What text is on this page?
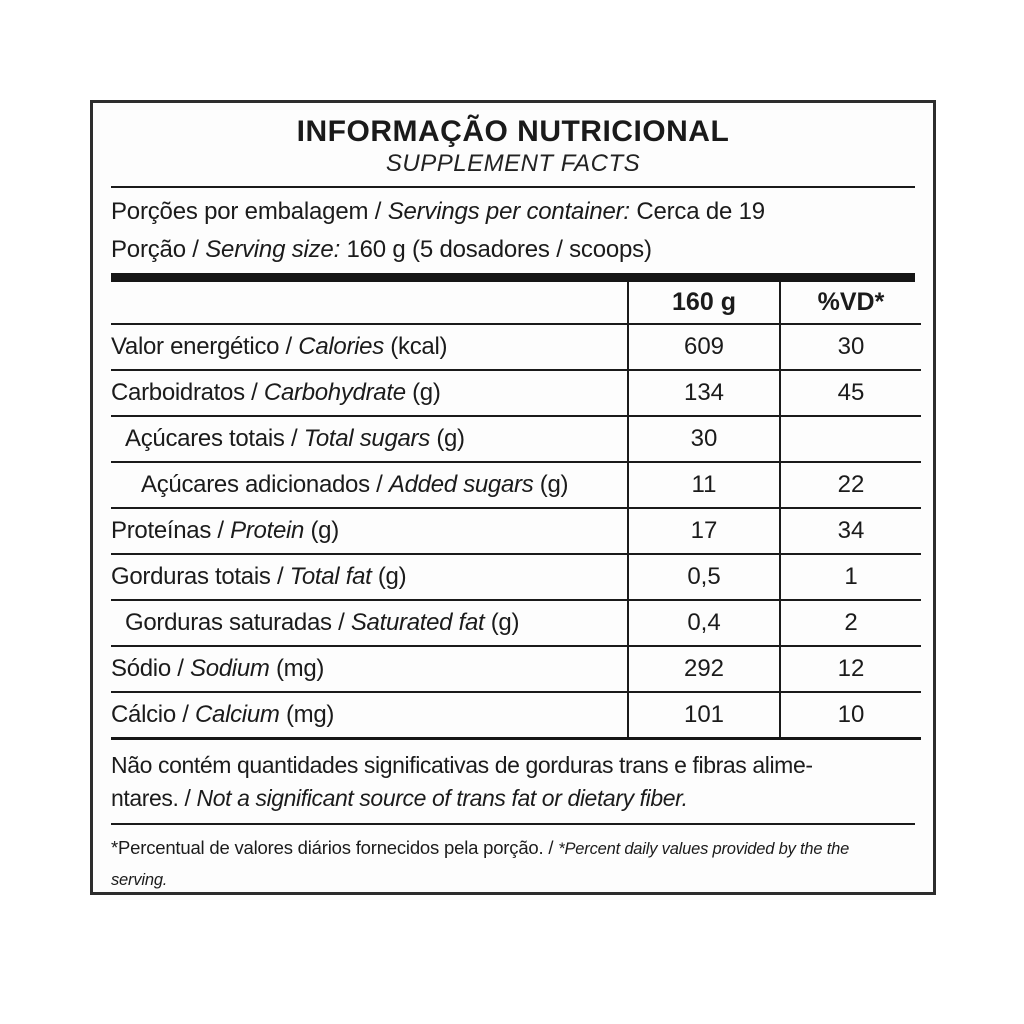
INFORMAÇÃO NUTRICIONAL
SUPPLEMENT FACTS
Porções por embalagem / Servings per container: Cerca de 19
Porção / Serving size: 160 g (5 dosadores / scoops)
	160 g	%VD*
Valor energético / Calories (kcal)	609	30
Carboidratos / Carbohydrate (g)	134	45
Açúcares totais / Total sugars (g)	30	
Açúcares adicionados / Added sugars (g)	11	22
Proteínas / Protein (g)	17	34
Gorduras totais / Total fat (g)	0,5	1
Gorduras saturadas / Saturated fat (g)	0,4	2
Sódio / Sodium (mg)	292	12
Cálcio / Calcium (mg)	101	10

Não contém quantidades significativas de gorduras trans e fibras alime-
ntares. / Not a significant source of trans fat or dietary fiber.

*Percentual de valores diários fornecidos pela porção. / *Percent daily values provided by the the
serving.
